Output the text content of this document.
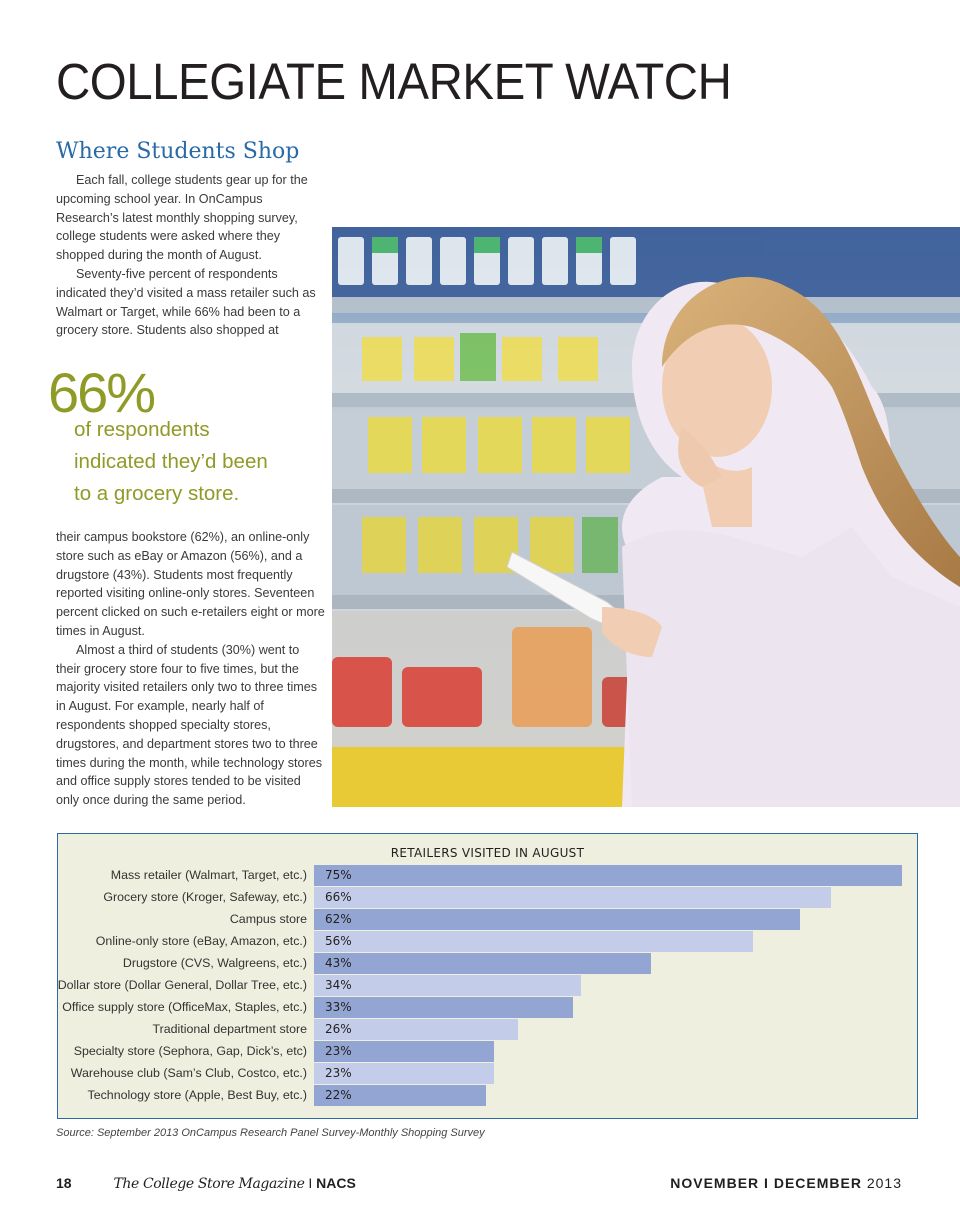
COLLEGIATE MARKET WATCH
Where Students Shop

Each fall, college students gear up for the upcoming school year. In OnCampus Research’s latest monthly shopping survey, college students were asked where they shopped during the month of August.

Seventy-five percent of respondents indicated they’d visited a mass retailer such as Walmart or Target, while 66% had been to a grocery store. Students also shopped at

66%
of respondents
indicated they’d been
to a grocery store.

their campus bookstore (62%), an online-only store such as eBay or Amazon (56%), and a drugstore (43%). Students most frequently reported visiting online-only stores. Seventeen percent clicked on such e-retailers eight or more times in August.

Almost a third of students (30%) went to their grocery store four to five times, but the majority visited retailers only two to three times in August. For example, nearly half of respondents shopped specialty stores, drugstores, and department stores two to three times during the month, while technology stores and office supply stores tended to be visited only once during the same period.

RETAILERS VISITED IN AUGUST
Mass retailer (Walmart, Target, etc.) 75%
Grocery store (Kroger, Safeway, etc.) 66%
Campus store 62%
Online-only store (eBay, Amazon, etc.) 56%
Drugstore (CVS, Walgreens, etc.) 43%
Dollar store (Dollar General, Dollar Tree, etc.) 34%
Office supply store (OfficeMax, Staples, etc.) 33%
Traditional department store 26%
Specialty store (Sephora, Gap, Dick’s, etc) 23%
Warehouse club (Sam’s Club, Costco, etc.) 23%
Technology store (Apple, Best Buy, etc.) 22%
Source: September 2013 OnCampus Research Panel Survey-Monthly Shopping Survey
18	The College Store Magazine I NACS	NOVEMBER I DECEMBER 2013
